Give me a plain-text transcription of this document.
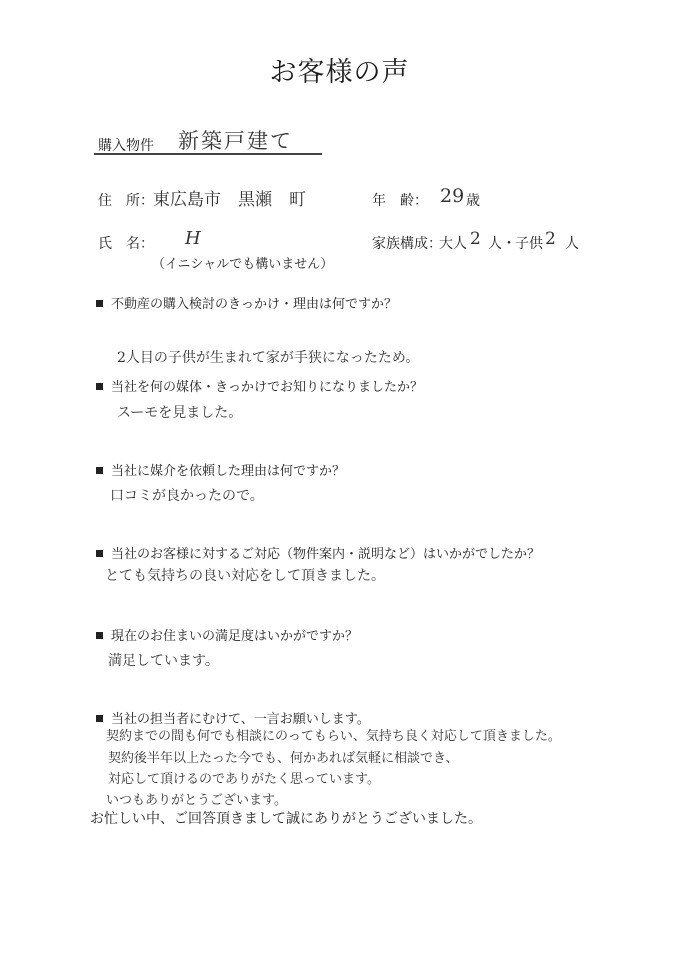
お客様の声
購入物件 新築戸建て
住　所： 東広島市　黒瀬　町	年　齢： 29 歳
氏　名： H
（イニシャルでも構いません）
家族構成：
大人 2 人・ 子供 2 人
不動産の購入検討のきっかけ・理由は何ですか？
2人目の子供が生まれて家が手狭になったため。
当社を何の媒体・きっかけでお知りになりましたか？
スーモを見ました。
当社に媒介を依頼した理由は何ですか？
口コミが良かったので。
当社のお客様に対するご対応（物件案内・説明など）はいかがでしたか？
とても気持ちの良い対応をして頂きました。
現在のお住まいの満足度はいかがですか？
満足しています。
当社の担当者にむけて、一言お願いします。
契約までの間も何でも相談にのってもらい、気持ち良く対応して頂きました。
契約後半年以上たった今でも、何かあれば気軽に相談でき、
対応して頂けるのでありがたく思っています。
いつもありがとうございます。
お忙しい中、ご回答頂きまして誠にありがとうございました。
